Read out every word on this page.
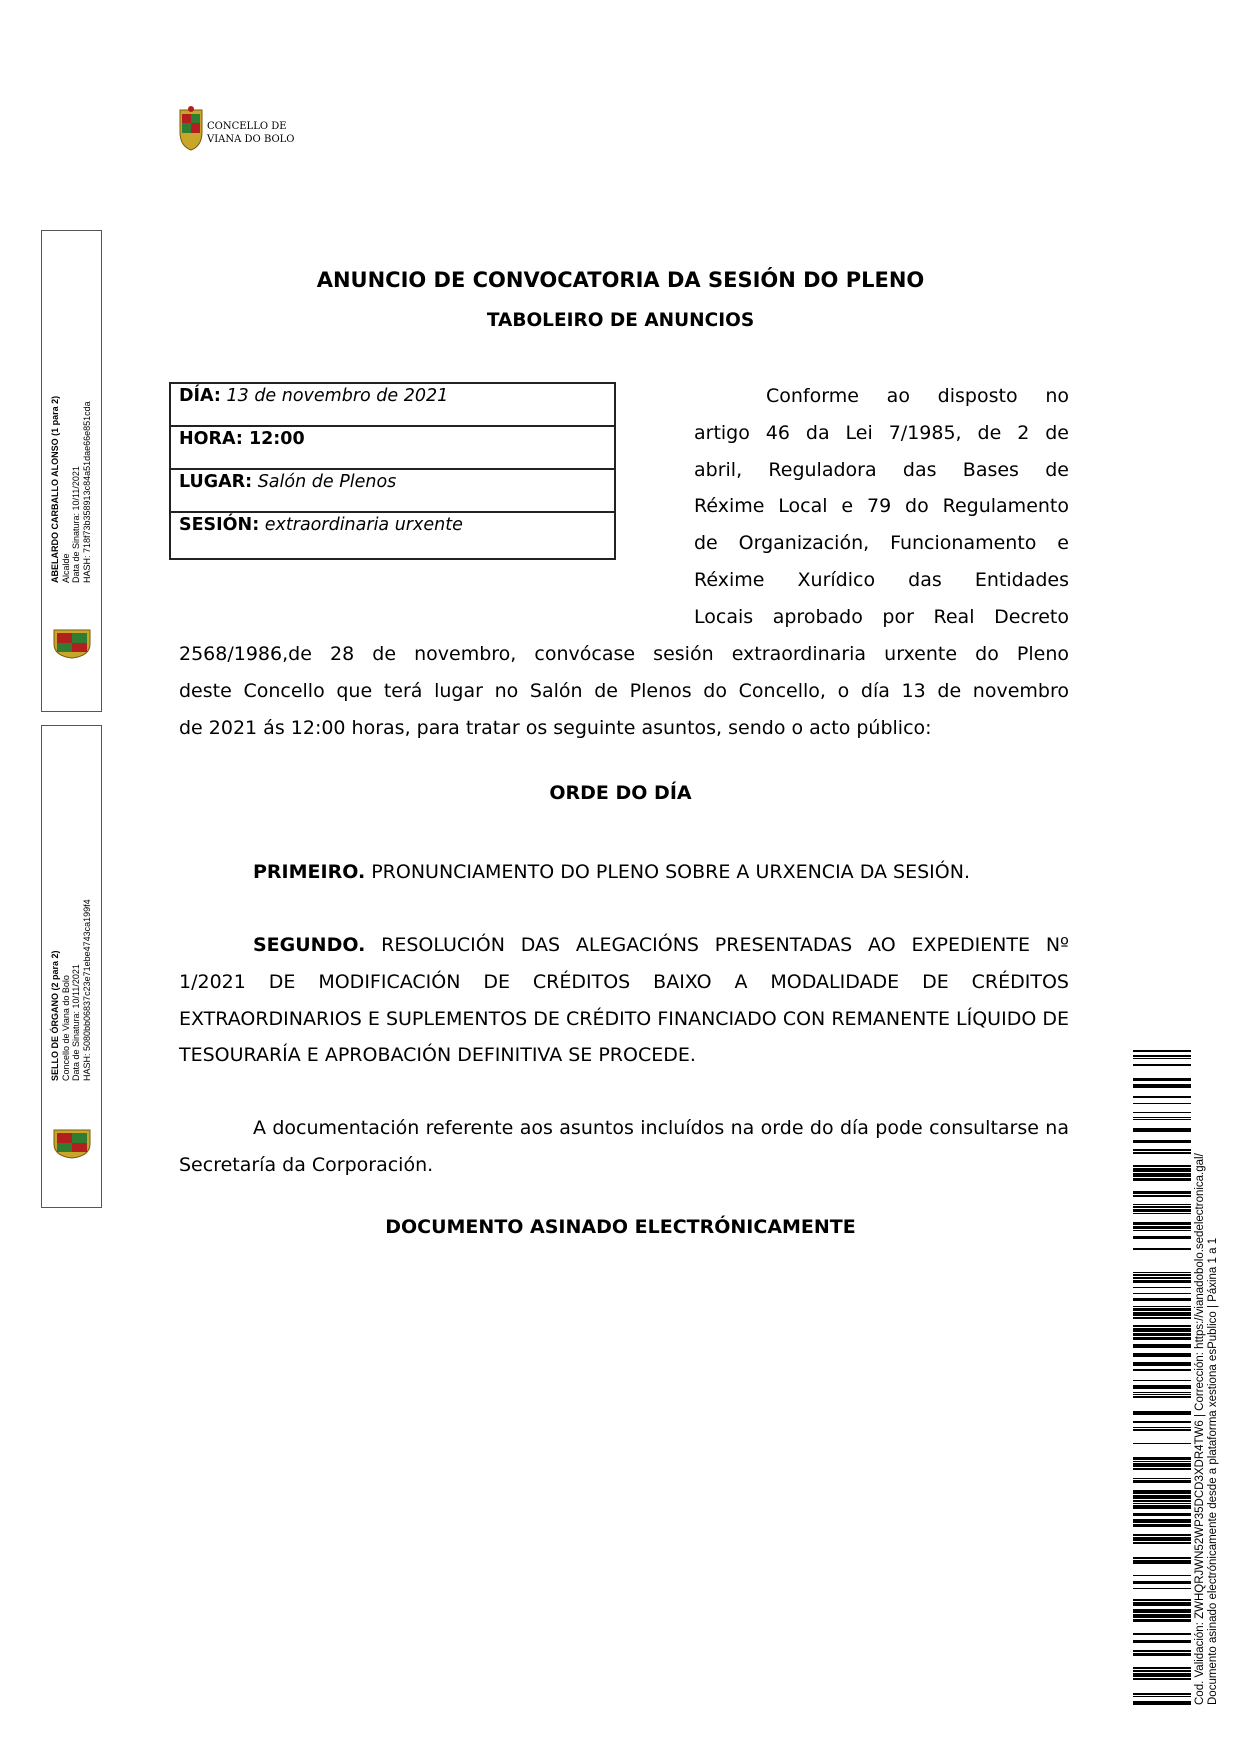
CONCELLO DE
VIANA DO BOLO
ABELARDO CARBALLO ALONSO (1 para 2) Alcalde Data de Sinatura: 10/11/2021 HASH: 718f73b358913c84a51dae66e851cda
SELLO DE ÓRGANO (2 para 2) Concello de Viana do Bolo Data de Sinatura: 10/11/2021 HASH: 5080bb06837c23e71ebe4743ca199f4
ANUNCIO DE CONVOCATORIA DA SESIÓN DO PLENO
TABOLEIRO DE ANUNCIOS
DÍA: 13 de novembro de 2021
HORA: 12:00
LUGAR: Salón de Plenos
SESIÓN: extraordinaria urxente
Conforme ao disposto no
artigo 46 da Lei 7/1985, de 2 de
abril, Reguladora das Bases de
Réxime Local e 79 do Regulamento
de Organización, Funcionamento e
Réxime Xurídico das Entidades
Locais aprobado por Real Decreto
2568/1986,de 28 de novembro, convócase sesión extraordinaria urxente do Pleno
deste Concello que terá lugar no Salón de Plenos do Concello, o día 13 de novembro
de 2021 ás 12:00 horas, para tratar os seguinte asuntos, sendo o acto público:
ORDE DO DÍA
PRIMEIRO. PRONUNCIAMENTO DO PLENO SOBRE A URXENCIA DA SESIÓN.
SEGUNDO. RESOLUCIÓN DAS ALEGACIÓNS PRESENTADAS AO EXPEDIENTE Nº 1/2021 DE MODIFICACIÓN DE CRÉDITOS BAIXO A MODALIDADE DE CRÉDITOS EXTRAORDINARIOS E SUPLEMENTOS DE CRÉDITO FINANCIADO CON REMANENTE LÍQUIDO DE TESOURARÍA E APROBACIÓN DEFINITIVA SE PROCEDE.
A documentación referente aos asuntos incluídos na orde do día pode consultarse na Secretaría da Corporación.
DOCUMENTO ASINADO ELECTRÓNICAMENTE	Cod. Validación: ZWHQRJWN52WP35DCD3XDR4TW6 | Corrección: https://vianadobolo.sedelectronica.gal/ Documento asinado electrónicamente desde a plataforma xestiona esPublico | Páxina 1 a 1
